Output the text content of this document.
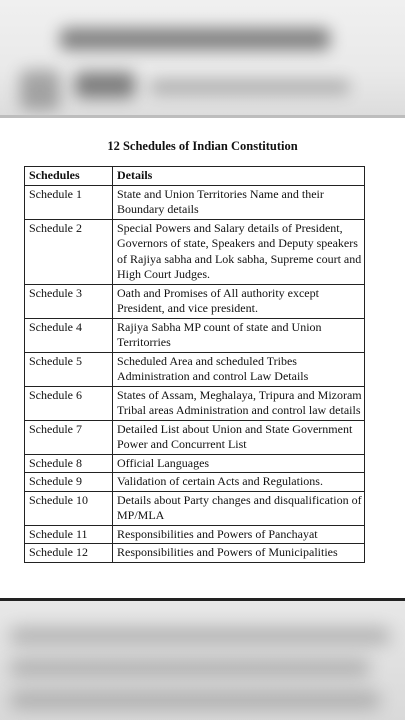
12 Schedules of Indian Constitution
Schedules	Details
Schedule 1	State and Union Territories Name and their Boundary details
Schedule 2	Special Powers and Salary details of President, Governors of state, Speakers and Deputy speakers of Rajiya sabha and Lok sabha, Supreme court and High Court Judges.
Schedule 3	Oath and Promises of All authority except President, and vice president.
Schedule 4	Rajiya Sabha MP count of state and Union Territorries
Schedule 5	Scheduled Area and scheduled Tribes Administration and control Law Details
Schedule 6	States of Assam, Meghalaya, Tripura and Mizoram Tribal areas Administration and control law details
Schedule 7	Detailed List about Union and State Government Power and Concurrent List
Schedule 8	Official Languages
Schedule 9	Validation of certain Acts and Regulations.
Schedule 10	Details about Party changes and disqualification of MP/MLA
Schedule 11	Responsibilities and Powers of Panchayat
Schedule 12	Responsibilities and Powers of Municipalities
